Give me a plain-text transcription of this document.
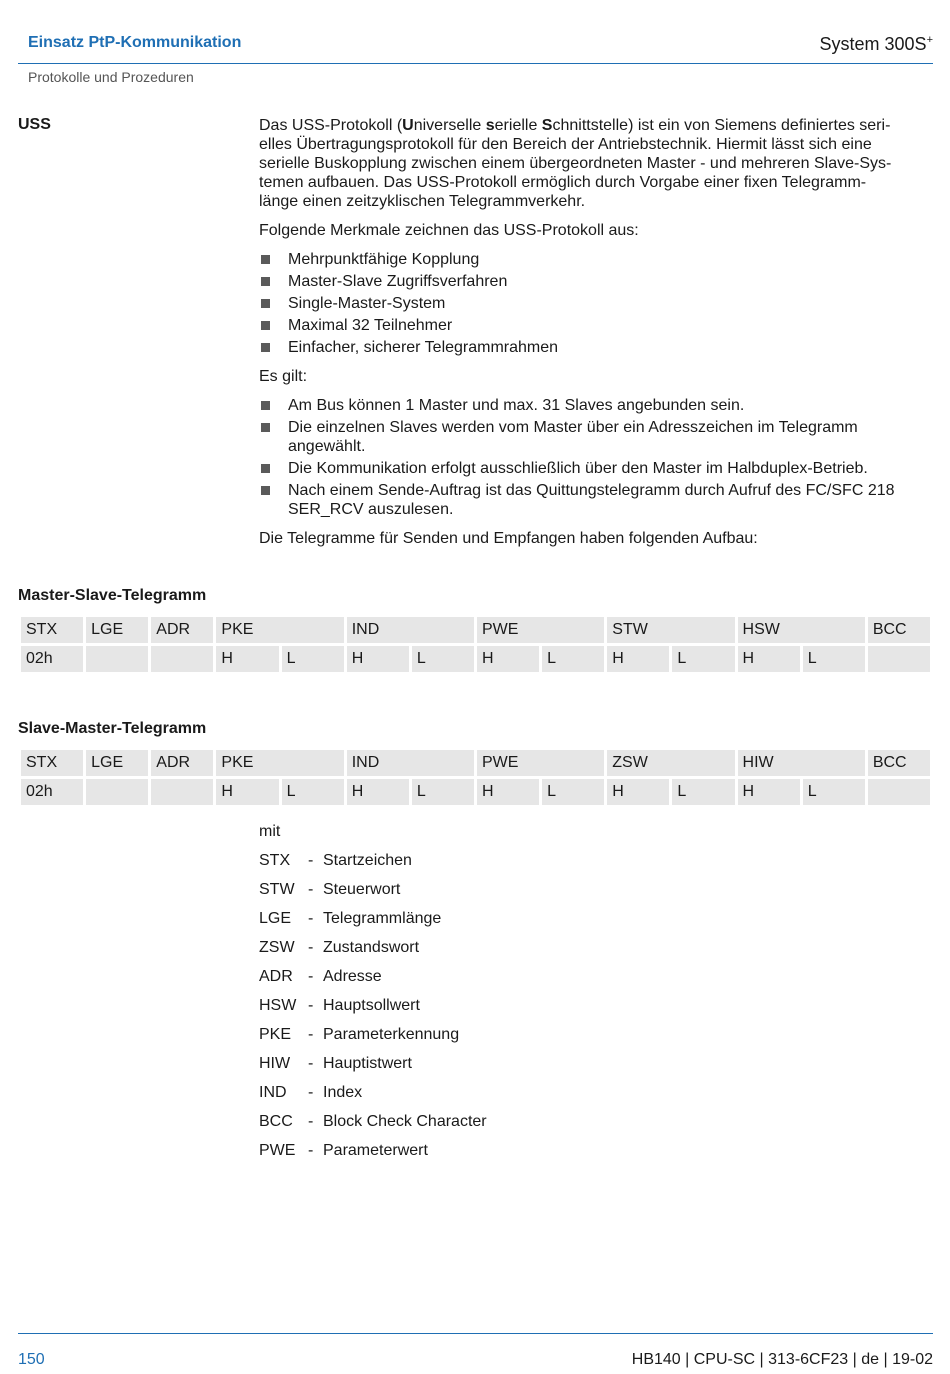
Einsatz PtP-Kommunikation	System 300S+
Protokolle und Prozeduren
USS	Das USS-Protokoll (Universelle serielle Schnittstelle) ist ein von Siemens definiertes seri-
elles Übertragungsprotokoll für den Bereich der Antriebstechnik. Hiermit lässt sich eine
serielle Buskopplung zwischen einem übergeordneten Master - und mehreren Slave-Sys-
temen aufbauen. Das USS-Protokoll ermöglich durch Vorgabe einer fixen Telegramm-
länge einen zeitzyklischen Telegrammverkehr.

Folgende Merkmale zeichnen das USS-Protokoll aus:

Mehrpunktfähige Kopplung
Master-Slave Zugriffsverfahren
Single-Master-System
Maximal 32 Teilnehmer
Einfacher, sicherer Telegrammrahmen

Es gilt:

Am Bus können 1 Master und max. 31 Slaves angebunden sein.
Die einzelnen Slaves werden vom Master über ein Adresszeichen im Telegramm angewählt.
Die Kommunikation erfolgt ausschließlich über den Master im Halbduplex-Betrieb.
Nach einem Sende-Auftrag ist das Quittungstelegramm durch Aufruf des FC/SFC 218 SER_RCV auszulesen.

Die Telegramme für Senden und Empfangen haben folgenden Aufbau:

Master-Slave-Telegramm
STX	LGE	ADR	PKE		IND		PWE		STW		HSW		BCC
02h			H	L	H	L	H	L	H	L	H	L	
Slave-Master-Telegramm
STX	LGE	ADR	PKE		IND		PWE		ZSW		HIW		BCC
02h			H	L	H	L	H	L	H	L	H	L	
mit
STX	- Startzeichen
STW - Steuerwort
LGE	- Telegrammlänge
ZSW - Zustandswort
ADR - Adresse
HSW - Hauptsollwert
PKE	- Parameterkennung
HIW	- Hauptistwert
IND	- Index
BCC - Block Check Character
PWE - Parameterwert
150	HB140 | CPU-SC | 313-6CF23 | de | 19-02
